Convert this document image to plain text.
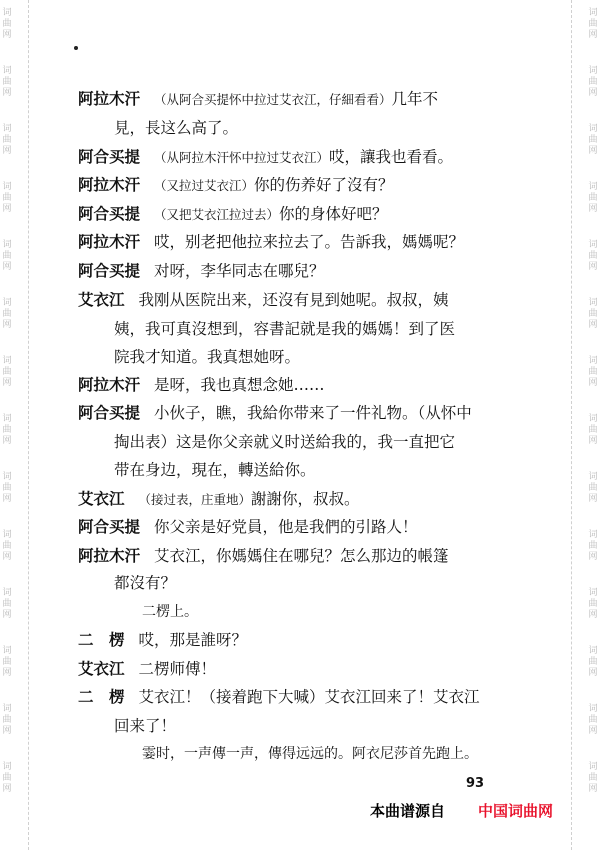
词
曲
网
词
曲
网
词
曲
网
词
曲
网
词
曲
网
词
曲
网
词
曲
网
词
曲
网
词
曲
网
词
曲
网
词
曲
网
词
曲
网
词
曲
网
词
曲
网
词
曲
网
词
曲
网
词
曲
网
词
曲
网
词
曲
网
词
曲
网
词
曲
网
词
曲
网
词
曲
网
词
曲
网
词
曲
网
词
曲
网
词
曲
网
词
曲
网
阿拉木汗 （从阿合买提怀中拉过艾衣江，仔細看看）几年不
見，長这么高了。
阿合买提 （从阿拉木汗怀中拉过艾衣江）哎，讓我也看看。
阿拉木汗 （又拉过艾衣江）你的伤养好了沒有？
阿合买提 （又把艾衣江拉过去）你的身体好吧？
阿拉木汗 哎，别老把他拉来拉去了。告訴我，媽媽呢？
阿合买提 对呀，李华同志在哪兒？
艾衣江 我刚从医院出来，还沒有見到她呢。叔叔，姨
姨，我可真沒想到，容書記就是我的媽媽！到了医
院我才知道。我真想她呀。
阿拉木汗 是呀，我也真想念她……
阿合买提 小伙子，瞧，我給你带来了一件礼物。（从怀中
掏出表）这是你父亲就义时送給我的，我一直把它
带在身边，現在，轉送給你。
艾衣江 （接过表，庄重地）謝謝你，叔叔。
阿合买提 你父亲是好党員，他是我們的引路人！
阿拉木汗 艾衣江，你媽媽住在哪兒？怎么那边的帳篷
都沒有？
二楞上。
二　楞 哎，那是誰呀？
艾衣江 二楞师傅！
二　楞 艾衣江！（接着跑下大喊）艾衣江回来了！艾衣江
回来了！
霎时，一声傳一声，傳得远远的。阿衣尼莎首先跑上。
93
本曲谱源自 中国词曲网
